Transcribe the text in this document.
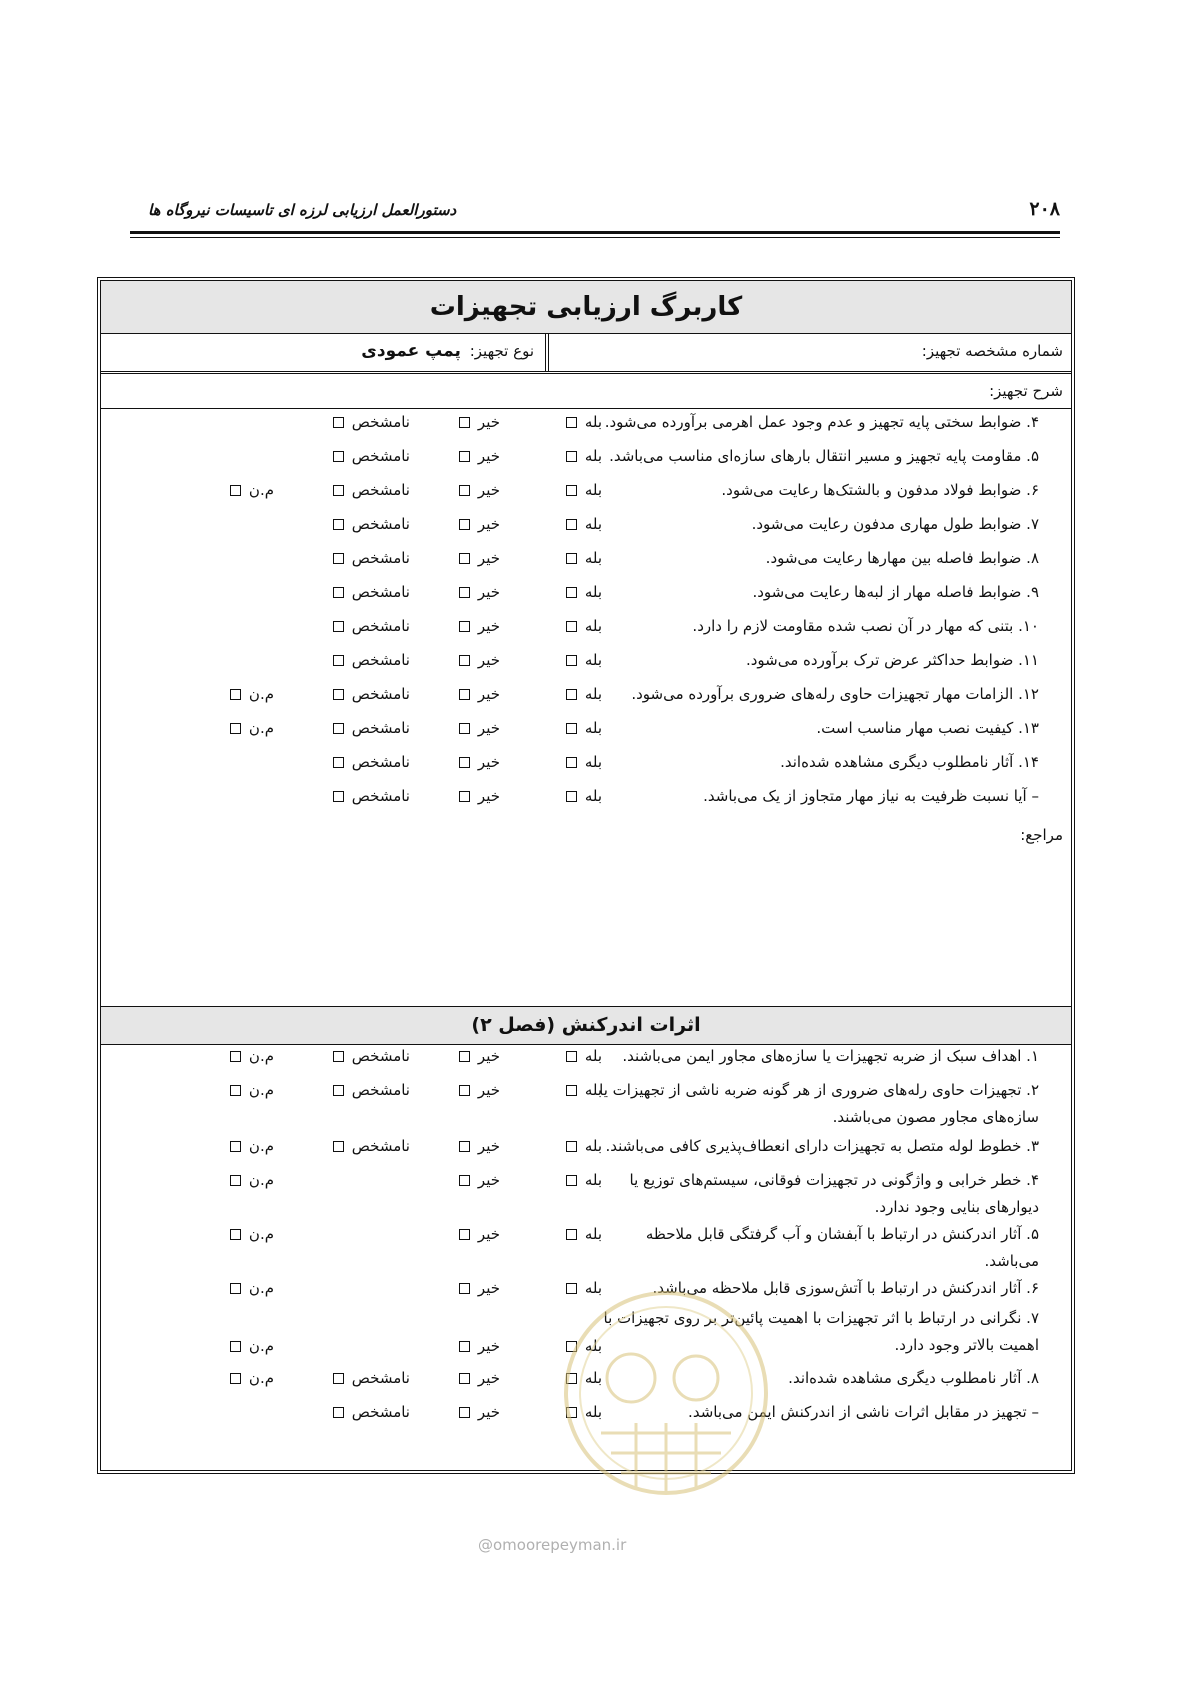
۲۰۸
دستورالعمل ارزیابی لرزه ای تاسیسات نیروگاه ها
کاربرگ ارزیابی تجهیزات
شماره مشخصه تجهیز:
نوع تجهیز: پمپ عمودی
شرح تجهیز:
۴. ضوابط سختی پایه تجهیز و عدم وجود عمل اهرمی برآورده می‌شود.
بله
خیر
نامشخص
۵. مقاومت پایه تجهیز و مسیر انتقال بارهای سازه‌ای مناسب می‌باشد.
بله
خیر
نامشخص
۶. ضوابط فولاد مدفون و بالشتک‌ها رعایت می‌شود.
بله
خیر
نامشخص
م.ن
۷. ضوابط طول مهاری مدفون رعایت می‌شود.
بله
خیر
نامشخص
۸. ضوابط فاصله بین مهارها رعایت می‌شود.
بله
خیر
نامشخص
۹. ضوابط فاصله مهار از لبه‌ها رعایت می‌شود.
بله
خیر
نامشخص
۱۰. بتنی که مهار در آن نصب شده مقاومت لازم را دارد.
بله
خیر
نامشخص
۱۱. ضوابط حداکثر عرض ترک برآورده می‌شود.
بله
خیر
نامشخص
۱۲. الزامات مهار تجهیزات حاوی رله‌های ضروری برآورده می‌شود.
بله
خیر
نامشخص
م.ن
۱۳. کیفیت نصب مهار مناسب است.
بله
خیر
نامشخص
م.ن
۱۴. آثار نامطلوب دیگری مشاهده شده‌اند.
بله
خیر
نامشخص
– آیا نسبت ظرفیت به نیاز مهار متجاوز از یک می‌باشد.
بله
خیر
نامشخص
مراجع:
اثرات اندرکنش (فصل ۲)
۱. اهداف سبک از ضربه تجهیزات یا سازه‌های مجاور ایمن می‌باشند.
بله
خیر
نامشخص
م.ن
۲. تجهیزات حاوی رله‌های ضروری از هر گونه ضربه ناشی از تجهیزات یا سازه‌های مجاور مصون می‌باشند.
بله
خیر
نامشخص
م.ن
۳. خطوط لوله متصل به تجهیزات دارای انعطاف‌پذیری کافی می‌باشند.
بله
خیر
نامشخص
م.ن
۴. خطر خرابی و واژگونی در تجهیزات فوقانی، سیستم‌های توزیع یا دیوارهای بنایی وجود ندارد.
بله
خیر
م.ن
۵. آثار اندرکنش در ارتباط با آبفشان و آب گرفتگی قابل ملاحظه می‌باشد.
بله
خیر
م.ن
۶. آثار اندرکنش در ارتباط با آتش‌سوزی قابل ملاحظه می‌باشد.
بله
خیر
م.ن
۷. نگرانی در ارتباط با اثر تجهیزات با اهمیت پائین‌تر بر روی تجهیزات با اهمیت بالاتر وجود دارد.
بله
خیر
م.ن
۸. آثار نامطلوب دیگری مشاهده شده‌اند.
بله
خیر
نامشخص
م.ن
– تجهیز در مقابل اثرات ناشی از اندرکنش ایمن می‌باشد.
بله
خیر
نامشخص
@omoorepeyman.ir
